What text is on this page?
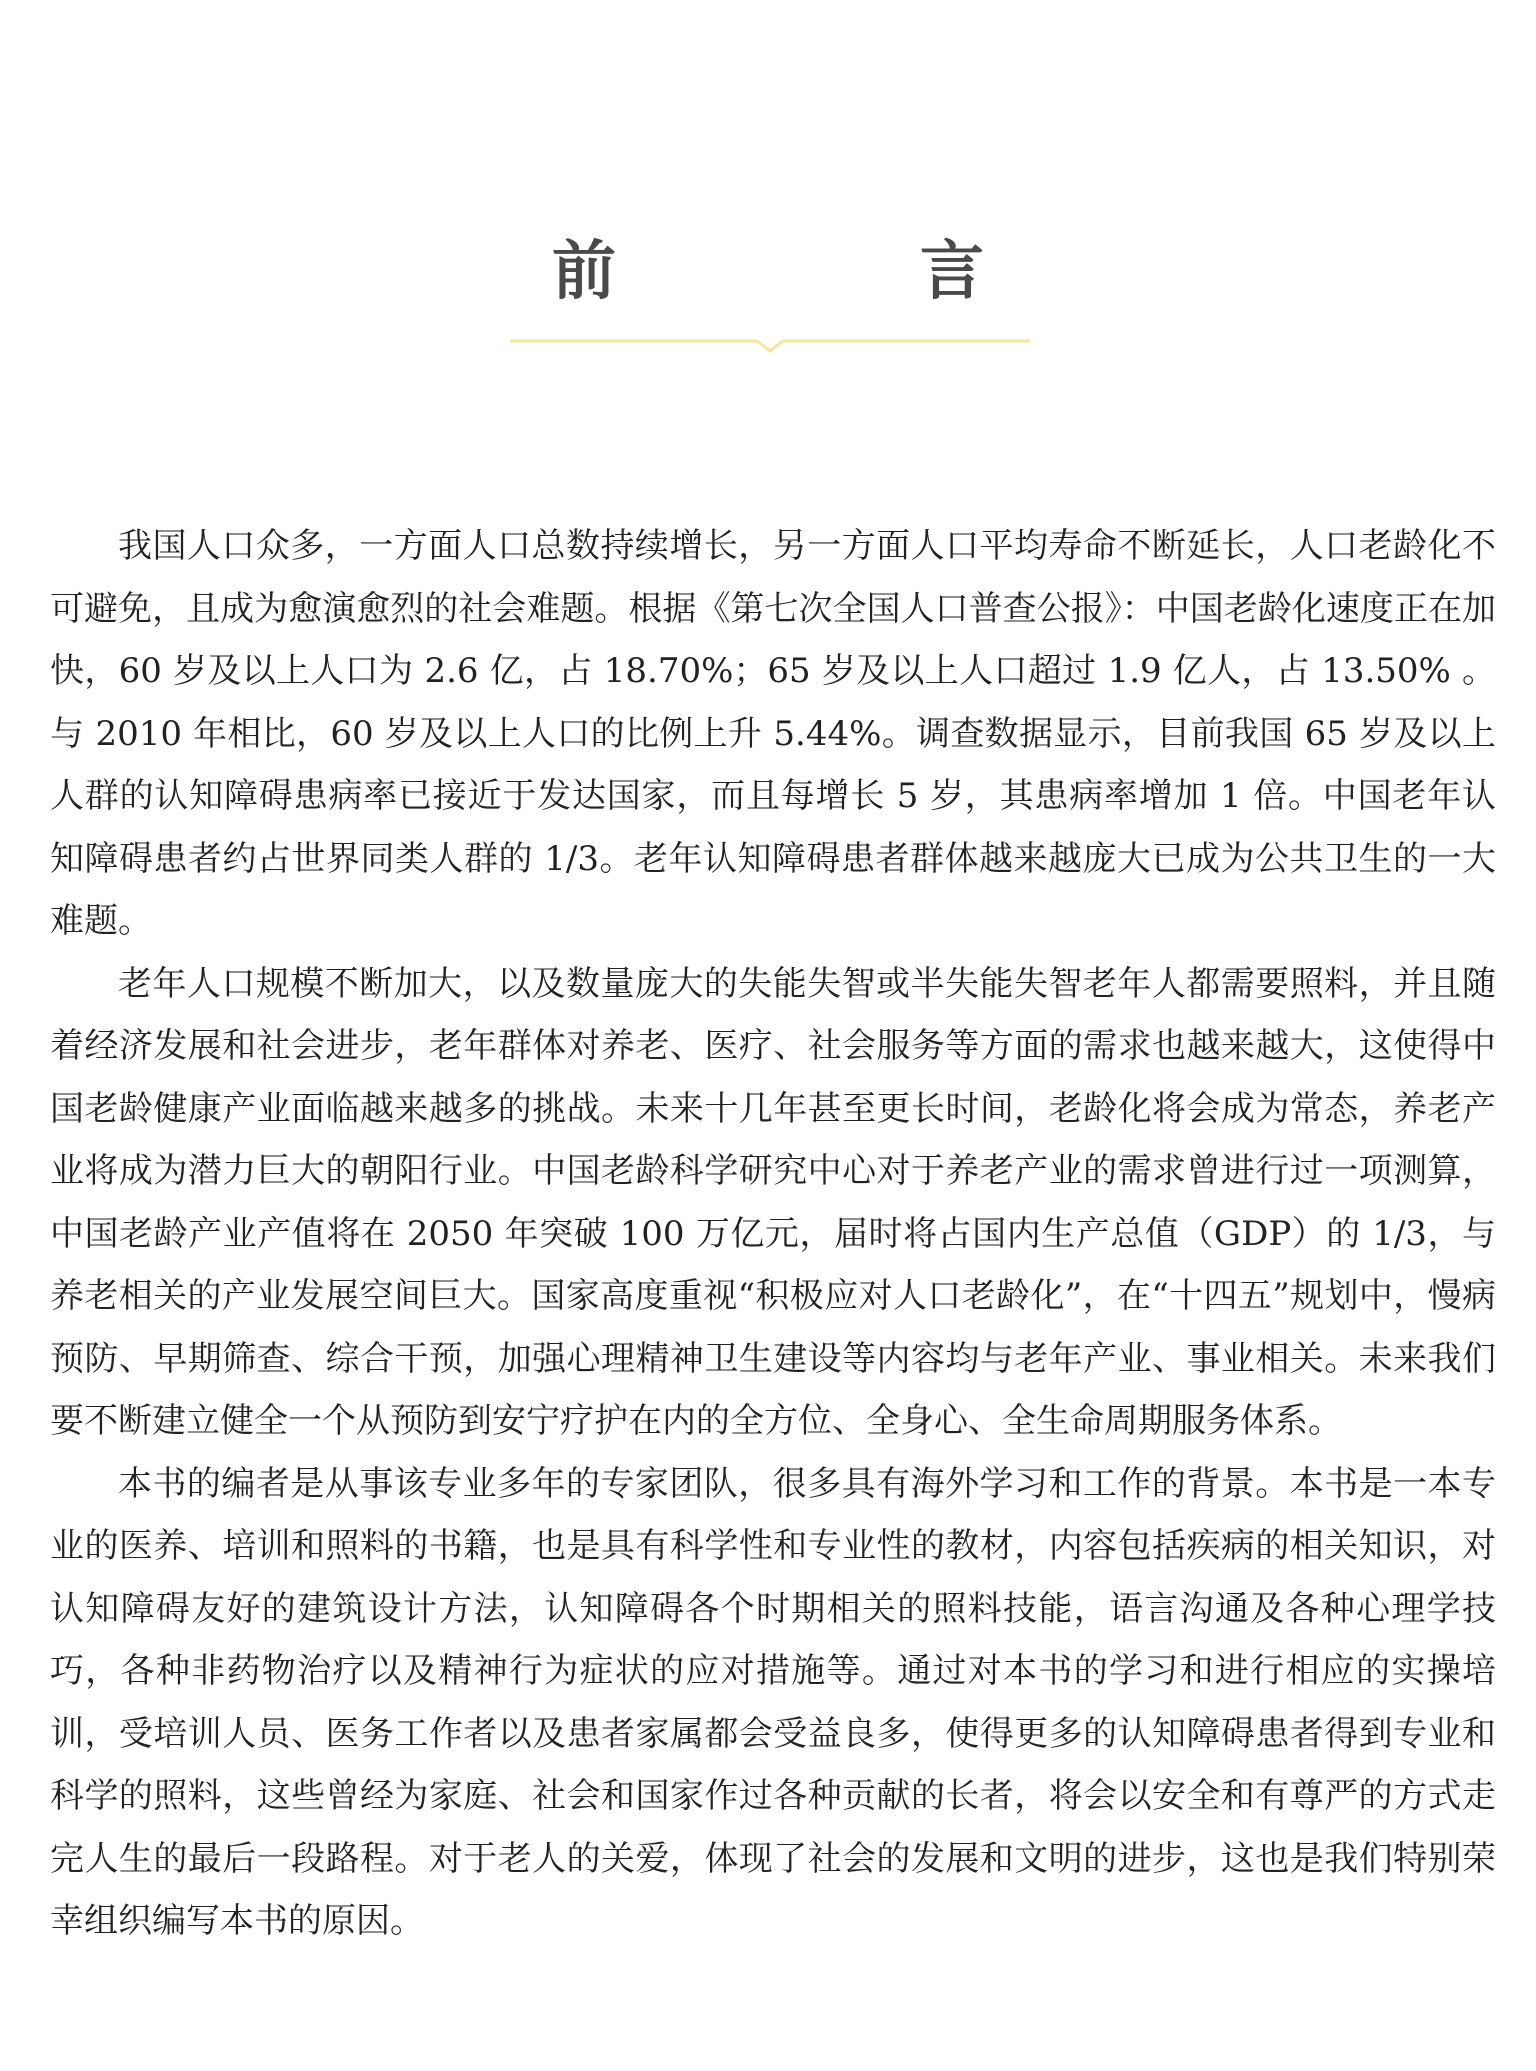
前　言

我国人口众多，一方面人口总数持续增长，另一方面人口平均寿命不断延长，人口老龄化不可避免，且成为愈演愈烈的社会难题。根据《第七次全国人口普查公报》：中国老龄化速度正在加快，60 岁及以上人口为 2.6 亿，占 18.70%；65 岁及以上人口超过 1.9 亿人，占 13.50% 。与 2010 年相比，60 岁及以上人口的比例上升 5.44%。调查数据显示，目前我国 65 岁及以上人群的认知障碍患病率已接近于发达国家，而且每增长 5 岁，其患病率增加 1 倍。中国老年认知障碍患者约占世界同类人群的 1/3。老年认知障碍患者群体越来越庞大已成为公共卫生的一大难题。

老年人口规模不断加大，以及数量庞大的失能失智或半失能失智老年人都需要照料，并且随着经济发展和社会进步，老年群体对养老、医疗、社会服务等方面的需求也越来越大，这使得中国老龄健康产业面临越来越多的挑战。未来十几年甚至更长时间，老龄化将会成为常态，养老产业将成为潜力巨大的朝阳行业。中国老龄科学研究中心对于养老产业的需求曾进行过一项测算，中国老龄产业产值将在 2050 年突破 100 万亿元，届时将占国内生产总值（GDP）的 1/3，与养老相关的产业发展空间巨大。国家高度重视“积极应对人口老龄化”，在“十四五”规划中，慢病预防、早期筛查、综合干预，加强心理精神卫生建设等内容均与老年产业、事业相关。未来我们要不断建立健全一个从预防到安宁疗护在内的全方位、全身心、全生命周期服务体系。

本书的编者是从事该专业多年的专家团队，很多具有海外学习和工作的背景。本书是一本专业的医养、培训和照料的书籍，也是具有科学性和专业性的教材，内容包括疾病的相关知识，对认知障碍友好的建筑设计方法，认知障碍各个时期相关的照料技能，语言沟通及各种心理学技巧，各种非药物治疗以及精神行为症状的应对措施等。通过对本书的学习和进行相应的实操培训，受培训人员、医务工作者以及患者家属都会受益良多，使得更多的认知障碍患者得到专业和科学的照料，这些曾经为家庭、社会和国家作过各种贡献的长者，将会以安全和有尊严的方式走完人生的最后一段路程。对于老人的关爱，体现了社会的发展和文明的进步，这也是我们特别荣幸组织编写本书的原因。
